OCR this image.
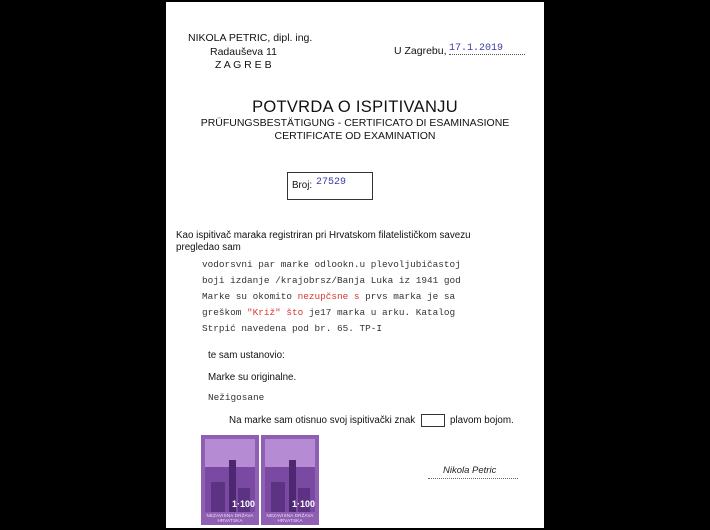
NIKOLA PETRIC, dipl. ing.
Radauševa 11
Z A G R E B
U Zagrebu, 17.1.2019
POTVRDA O ISPITIVANJU
PRÜFUNGSBESTÄTIGUNG - CERTIFICATO DI ESAMINASIONE
CERTIFICATE OD EXAMINATION
Broj: 27529
Kao ispitivač maraka registriran pri Hrvatskom filatelističkom savezu
pregledao sam
vodorsvni par marke odlookn.u plevoljubičastoj
boji izdanje /krajobrsz/Banja Luka iz 1941 god
Marke su okomito nezupčsne s prvs marka je sa
greškom "Križ" što je17 marka u arku. Katalog
Strpić navedena pod br. 65. TP-I
te sam ustanovio:
Marke su originalne.
Nežigosane
Na marke sam otisnuo svoj ispitivački znak	plavom bojom.
1·100
NEZAVISNA DRŽAVA HRVATSKA
1·100
NEZAVISNA DRŽAVA HRVATSKA
Nikola Petric
